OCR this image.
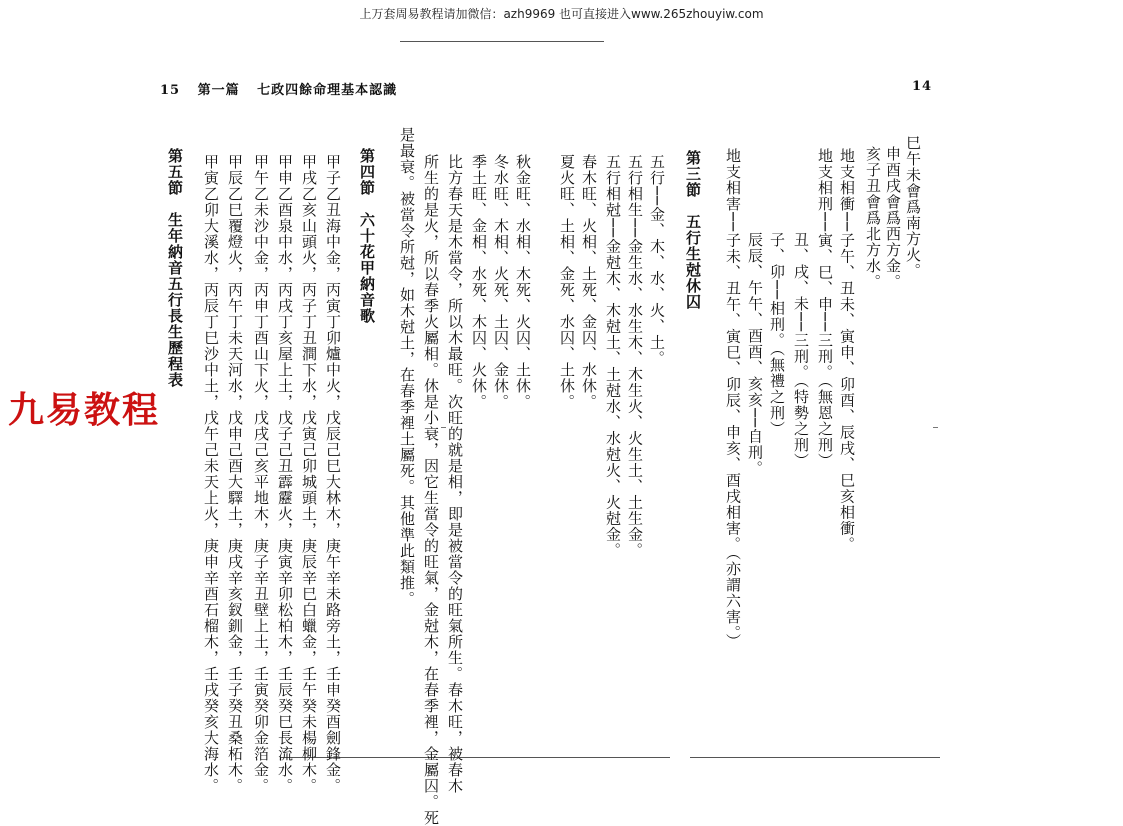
上万套周易教程请加微信：azh9969 也可直接进入www.265zhouyiw.com
15 第一篇 七政四餘命理基本認識	14

巳午未會爲南方火。

申酉戌會爲西方金。

亥子丑會爲北方水。

地支相衝──子午、丑未、寅申、卯酉、辰戌、巳亥相衝。

地支相刑──寅、巳、申──三刑。（無恩之刑）

丑、戌、未──三刑。（特勢之刑）

子、卯──相刑。（無禮之刑）

辰辰、午午、酉酉、亥亥──自刑。

地支相害──子未、丑午、寅巳、卯辰、申亥、酉戌相害。（亦謂六害。）

第三節　五行生尅休囚

五行──金、木、水、火、土。

五行相生──金生水、水生木、木生火、火生土、土生金。

五行相尅──金尅木、木尅土、土尅水、水尅火、火尅金。

春木旺、火相、土死、金囚、水休。

夏火旺、土相、金死、水囚、土休。

秋金旺、水相、木死、火囚、土休。

冬水旺、木相、火死、土囚、金休。

季土旺、金相、水死、木囚、火休。

比方春天是木當令，所以木最旺。次旺的就是相，即是被當令的旺氣所生。春木旺，被春木

所生的是火，所以春季火屬相。休是小衰，因它生當令的旺氣，金尅木，在春季裡，金屬囚。死

是最衰。被當令所尅，如木尅土，在春季裡土屬死。其他準此類推。

第四節　六十花甲納音歌

甲子乙丑海中金，丙寅丁卯爐中火，戊辰己巳大林木，庚午辛未路旁土，壬申癸酉劍鋒金。

甲戌乙亥山頭火，丙子丁丑澗下水，戊寅己卯城頭土，庚辰辛巳白蠟金，壬午癸未楊柳木。

甲申乙酉泉中水，丙戌丁亥屋上土，戊子己丑霹靂火，庚寅辛卯松柏木，壬辰癸巳長流水。

甲午乙未沙中金，丙申丁酉山下火，戊戌己亥平地木，庚子辛丑壁上土，壬寅癸卯金箔金。

甲辰乙巳覆燈火，丙午丁未天河水，戊申己酉大驛土，庚戌辛亥釵釧金，壬子癸丑桑柘木。

甲寅乙卯大溪水，丙辰丁巳沙中土，戊午己未天上火，庚申辛酉石榴木，壬戌癸亥大海水。

第五節　生年納音五行長生歷程表

九易教程
